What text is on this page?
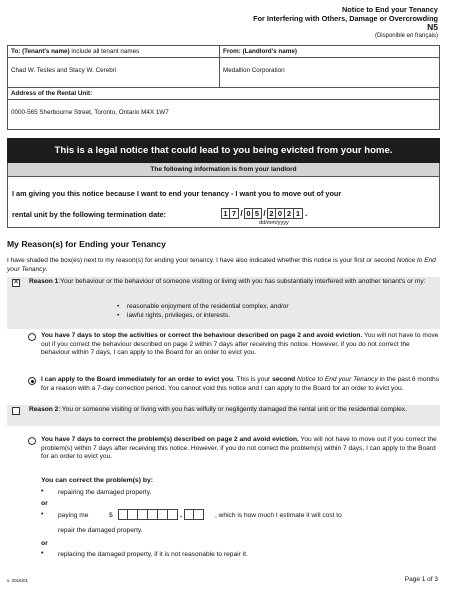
Notice to End your Tenancy
For Interfering with Others, Damage or Overcrowding
N5
(Disponible en français)
To: (Tenant's name) include all tenant names
Chad W. Testes and Stacy W. Cerebri
From: (Landlord's name)
Medallion Corporation
Address of the Rental Unit:
0000-565 Sherbourne Street, Toronto, Ontario M4X 1W7
This is a legal notice that could lead to you being evicted from your home.
The following information is from your landlord
I am giving you this notice because I want to end your tenancy - I want you to move out of your
rental unit by the following termination date:	1 7 / 0 5 / 2 0 2 1 .
dd/mm/yyyy
My Reason(s) for Ending your Tenancy
I have shaded the box(es) next to my reason(s) for ending your tenancy. I have also indicated whether this notice is your first or second Notice to End your Tenancy.
✕ Reason 1:Your behaviour or the behaviour of someone visiting or living with you has substantially interfered with another tenant's or my:
• reasonable enjoyment of the residential complex, and/or
• lawful rights, privileges, or interests.
You have 7 days to stop the activities or correct the behaviour described on page 2 and avoid eviction. You will not have to move out if you correct the behaviour described on page 2 within 7 days after receiving this notice. However, if you do not correct the behaviour within 7 days, I can apply to the Board for an order to evict you.
I can apply to the Board immediately for an order to evict you. This is your second Notice to End your Tenancy in the past 6 months for a reason with a 7-day correction period. You cannot void this notice and I can apply to the Board for an order to evict you.
Reason 2: You or someone visiting or living with you has wilfully or negligently damaged the rental unit or the residential complex.
You have 7 days to correct the problem(s) described on page 2 and avoid eviction. You will not have to move out if you correct the problem(s) within 7 days after receiving this notice. However, if you do not correct the problem(s) within 7 days, I can apply to the Board for an order to evict you.
You can correct the problem(s) by:
• repairing the damaged property.
or
• paying me	$	.	, which is how much I estimate it will cost to
repair the damaged property.
or
• replacing the damaged property, if it is not reasonable to repair it.
v. 2016/01	Page 1 of 3
